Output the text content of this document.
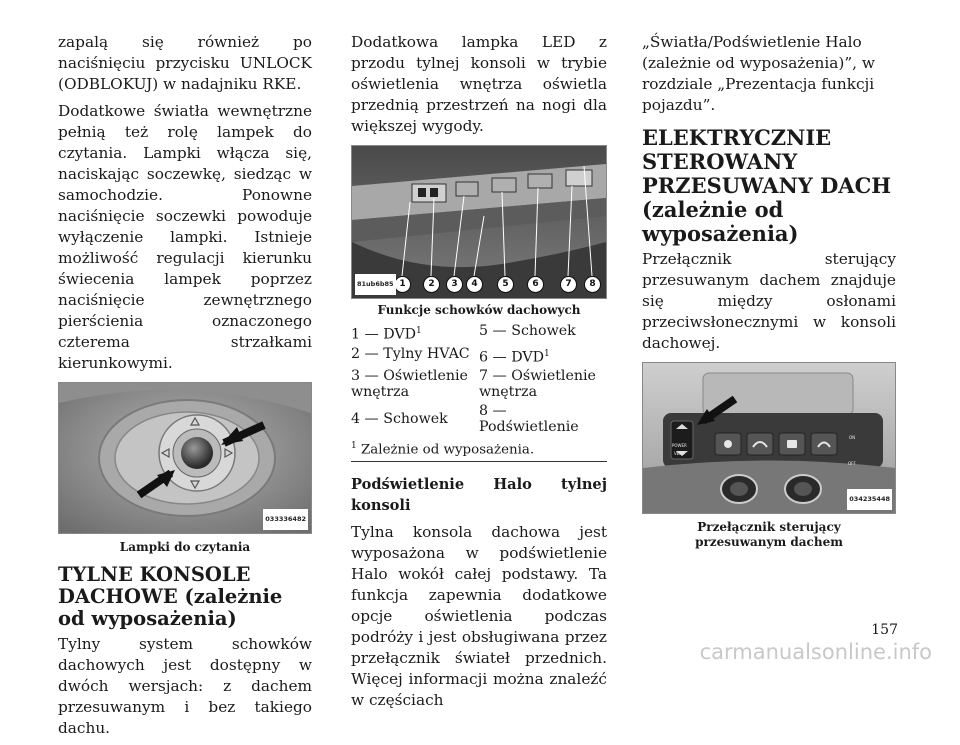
zapalą się również po naciśnięciu przycisku UNLOCK (ODBLOKUJ) w nadajniku RKE.

Dodatkowe światła wewnętrzne pełnią też rolę lampek do czytania. Lampki włącza się, naciskając soczewkę, siedząc w samochodzie. Ponowne naciśnięcie soczewki powoduje wyłączenie lampki. Istnieje możliwość regulacji kierunku świecenia lampek poprzez naciśnięcie zewnętrznego pierścienia oznaczonego czterema strzałkami kierunkowymi.

033336482
Lampki do czytania
TYLNE KONSOLE DACHOWE (zależnie od wyposażenia)

Tylny system schowków dachowych jest dostępny w dwóch wersjach: z dachem przesuwanym i bez takiego dachu.

Dodatkowa lampka LED z przodu tylnej konsoli w trybie oświetlenia wnętrza oświetla przednią przestrzeń na nogi dla większej wygody.

1	2	3	4	5	6	7	8
81ub6b85
Funkcje schowków dachowych
1 — DVD$^1$	5 — Schowek
2 — Tylny HVAC	6 — DVD$^1$
3 — Oświetlenie wnętrza	7 — Oświetlenie wnętrza
4 — Schowek	8 — Podświetlenie
$^1$ Zależnie od wyposażenia.

Podświetlenie Halo tylnej konsoli

Tylna konsola dachowa jest wyposażona w podświetlenie Halo wokół całej podstawy. Ta funkcja zapewnia dodatkowe opcje oświetlenia podczas podróży i jest obsługiwana przez przełącznik świateł przednich. Więcej informacji można znaleźć w częściach

„Światła/Podświetlenie Halo (zależnie od wyposażenia)”, w rozdziale „Prezentacja funkcji pojazdu”.

ELEKTRYCZNIE STEROWANY PRZESUWANY DACH
(zależnie od wyposażenia)

Przełącznik sterujący przesuwanym dachem znajduje się między osłonami przeciwsłonecznymi w konsoli dachowej.

POWER
VENT
ON
OFF
034235448
Przełącznik sterujący przesuwanym dachem
157
carmanualsonline.info
